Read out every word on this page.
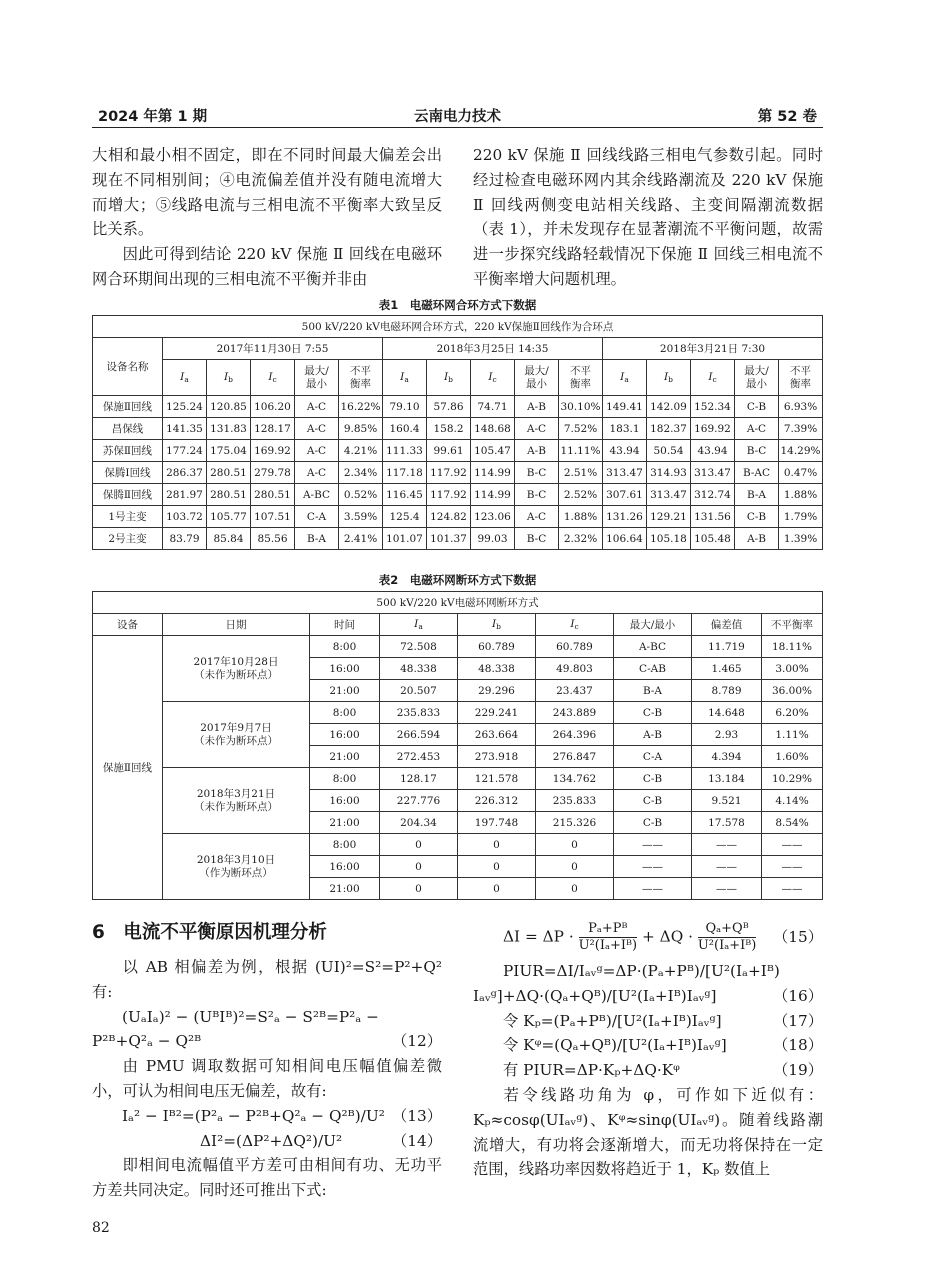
2024 年第 1 期	云南电力技术	第 52 卷

大相和最小相不固定，即在不同时间最大偏差会出现在不同相别间；④电流偏差值并没有随电流增大而增大；⑤线路电流与三相电流不平衡率大致呈反比关系。

因此可得到结论 220 kV 保施 Ⅱ 回线在电磁环网合环期间出现的三相电流不平衡并非由

220 kV 保施 Ⅱ 回线线路三相电气参数引起。同时经过检查电磁环网内其余线路潮流及 220 kV 保施 Ⅱ 回线两侧变电站相关线路、主变间隔潮流数据（表 1），并未发现存在显著潮流不平衡问题，故需进一步探究线路轻载情况下保施 Ⅱ 回线三相电流不平衡率增大问题机理。

表1　电磁环网合环方式下数据
500 kV/220 kV电磁环网合环方式，220 kV保施Ⅱ回线作为合环点															
设备名称	2017年11月30日 7:55					2018年3月25日 14:35					2018年3月21日 7:30				
	$I_a$	$I_b$	$I_c$	最大/
最小	不平
衡率	$I_a$	$I_b$	$I_c$	最大/
最小	不平
衡率	$I_a$	$I_b$	$I_c$	最大/
最小	不平
衡率
保施Ⅱ回线	125.24	120.85	106.20	A-C	16.22%	79.10	57.86	74.71	A-B	30.10%	149.41	142.09	152.34	C-B	6.93%
昌保线	141.35	131.83	128.17	A-C	9.85%	160.4	158.2	148.68	A-C	7.52%	183.1	182.37	169.92	A-C	7.39%
苏保Ⅱ回线	177.24	175.04	169.92	A-C	4.21%	111.33	99.61	105.47	A-B	11.11%	43.94	50.54	43.94	B-C	14.29%
保腾Ⅰ回线	286.37	280.51	279.78	A-C	2.34%	117.18	117.92	114.99	B-C	2.51%	313.47	314.93	313.47	B-AC	0.47%
保腾Ⅱ回线	281.97	280.51	280.51	A-BC	0.52%	116.45	117.92	114.99	B-C	2.52%	307.61	313.47	312.74	B-A	1.88%
1号主变	103.72	105.77	107.51	C-A	3.59%	125.4	124.82	123.06	A-C	1.88%	131.26	129.21	131.56	C-B	1.79%
2号主变	83.79	85.84	85.56	B-A	2.41%	101.07	101.37	99.03	B-C	2.32%	106.64	105.18	105.48	A-B	1.39%
表2　电磁环网断环方式下数据
500 kV/220 kV电磁环网断环方式								
设备	日期	时间	$I_a$	$I_b$	$I_c$	最大/最小	偏差值	不平衡率
保施Ⅱ回线	2017年10月28日
（未作为断环点）	8:00	72.508	60.789	60.789	A-BC	11.719	18.11%
		16:00	48.338	48.338	49.803	C-AB	1.465	3.00%
		21:00	20.507	29.296	23.437	B-A	8.789	36.00%
	2017年9月7日
（未作为断环点）	8:00	235.833	229.241	243.889	C-B	14.648	6.20%
		16:00	266.594	263.664	264.396	A-B	2.93	1.11%
		21:00	272.453	273.918	276.847	C-A	4.394	1.60%
	2018年3月21日
（未作为断环点）	8:00	128.17	121.578	134.762	C-B	13.184	10.29%
		16:00	227.776	226.312	235.833	C-B	9.521	4.14%
		21:00	204.34	197.748	215.326	C-B	17.578	8.54%
	2018年3月10日
（作为断环点）	8:00	0	0	0	——	——	——
		16:00	0	0	0	——	——	——
		21:00	0	0	0	——	——	——
6　电流不平衡原因机理分析

以 AB 相偏差为例，根据 (UI)²=S²=P²+Q² 有:

(UₐIₐ)² − (UᴮIᴮ)²=S²ₐ − S²ᴮ=P²ₐ −
P²ᴮ+Q²ₐ − Q²ᴮ	（12）

由 PMU 调取数据可知相间电压幅值偏差微小，可认为相间电压无偏差，故有:

Iₐ² − Iᴮ²=(P²ₐ − P²ᴮ+Q²ₐ − Q²ᴮ)/U² （13）
ΔI²=(ΔP²+ΔQ²)/U²	（14）

即相间电流幅值平方差可由相间有功、无功平方差共同决定。同时还可推出下式:

$\Delta I = \Delta P \cdot \frac{\text{Pₐ+Pᴮ}}{\text{U²(Iₐ+Iᴮ)}} + \Delta Q \cdot \frac{\text{Qₐ+Qᴮ}}{\text{U²(Iₐ+Iᴮ)}} (15)$
PIUR=ΔI/Iₐᵥᵍ=ΔP·(Pₐ+Pᴮ)/[U²(Iₐ+Iᴮ)
Iₐᵥᵍ]+ΔQ·(Qₐ+Qᴮ)/[U²(Iₐ+Iᴮ)Iₐᵥᵍ]	（16）
令 Kₚ=(Pₐ+Pᴮ)/[U²(Iₐ+Iᴮ)Iₐᵥᵍ]	（17）
令 Kᵠ=(Qₐ+Qᴮ)/[U²(Iₐ+Iᴮ)Iₐᵥᵍ]	（18）
有 PIUR=ΔP·Kₚ+ΔQ·Kᵠ	（19）

若令线路功角为 φ，可作如下近似有：Kₚ≈cosφ(UIₐᵥᵍ)、Kᵠ≈sinφ(UIₐᵥᵍ)。随着线路潮流增大，有功将会逐渐增大，而无功将保持在一定范围，线路功率因数将趋近于 1，Kₚ 数值上

82
